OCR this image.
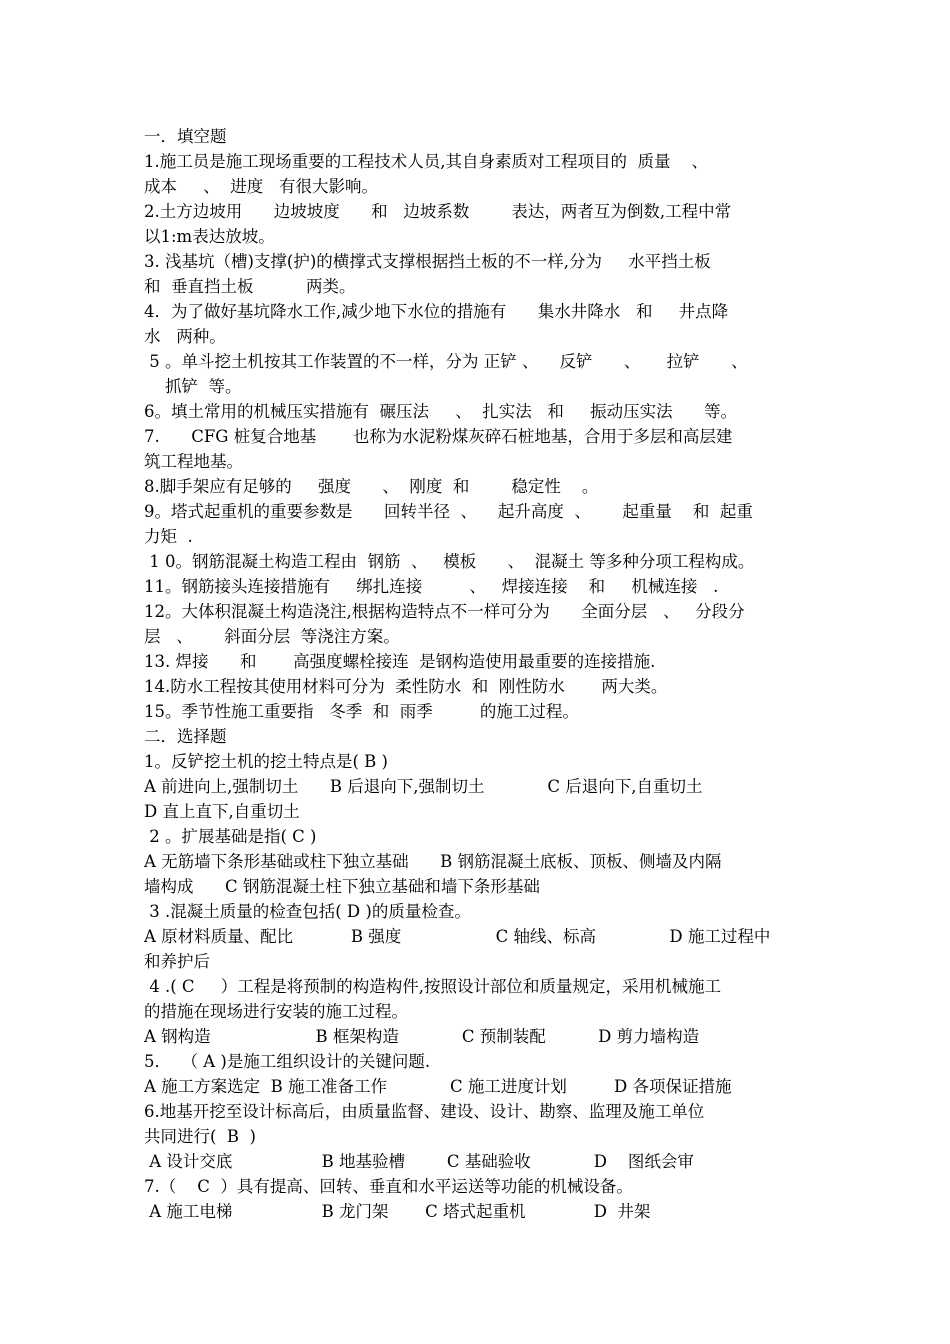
一．填空题

1.施工员是施工现场重要的工程技术人员,其自身素质对工程项目的  质量    、

成本     、  进度   有很大影响。

2.土方边坡用      边坡坡度      和   边坡系数        表达，两者互为倒数,工程中常

以1:m表达放坡。

3. 浅基坑（槽)支撑(护)的横撑式支撑根据挡土板的不一样,分为     水平挡土板

和  垂直挡土板          两类。

4．为了做好基坑降水工作,减少地下水位的措施有      集水井降水   和     井点降

水   两种。

5 。单斗挖土机按其工作装置的不一样，分为 正铲 、    反铲      、     拉铲      、

抓铲  等。

6。填土常用的机械压实措施有  碾压法     、  扎实法   和     振动压实法      等。

7.      CFG 桩复合地基       也称为水泥粉煤灰碎石桩地基，合用于多层和高层建

筑工程地基。

8.脚手架应有足够的     强度      、  刚度  和        稳定性    。

9。塔式起重机的重要参数是      回转半径  、    起升高度  、      起重量    和  起重

力矩  .

1 0。钢筋混凝土构造工程由  钢筋  、   模板      、  混凝土 等多种分项工程构成。

11。钢筋接头连接措施有     绑扎连接         、   焊接连接    和     机械连接   .

12。大体积混凝土构造浇注,根据构造特点不一样可分为      全面分层   、   分段分

层   、      斜面分层  等浇注方案。

13. 焊接      和       高强度螺栓接连  是钢构造使用最重要的连接措施.

14.防水工程按其使用材料可分为  柔性防水  和  刚性防水       两大类。

15。季节性施工重要指   冬季  和  雨季         的施工过程。

二．选择题

1。反铲挖土机的挖土特点是( B )

A 前进向上,强制切土      B 后退向下,强制切土            C 后退向下,自重切土

D 直上直下,自重切土

2 。扩展基础是指( C )

A 无筋墙下条形基础或柱下独立基础      B 钢筋混凝土底板、顶板、侧墙及内隔

墙构成      C 钢筋混凝土柱下独立基础和墙下条形基础

3 .混凝土质量的检查包括( D )的质量检查。

A 原材料质量、配比           B 强度                  C 轴线、标高              D 施工过程中

和养护后

4 .( C     ）工程是将预制的构造构件,按照设计部位和质量规定，采用机械施工

的措施在现场进行安装的施工过程。

A 钢构造                    B 框架构造            C 预制装配          D 剪力墙构造

5．  （ A )是施工组织设计的关键问题.

A 施工方案选定  B 施工准备工作            C 施工进度计划         D 各项保证措施

6.地基开挖至设计标高后，由质量监督、建设、设计、勘察、监理及施工单位

共同进行(  B  )

A 设计交底                 B 地基验槽        C 基础验收            D    图纸会审

7.（    C  ）具有提高、回转、垂直和水平运送等功能的机械设备。

A 施工电梯                 B 龙门架       C 塔式起重机             D  井架
